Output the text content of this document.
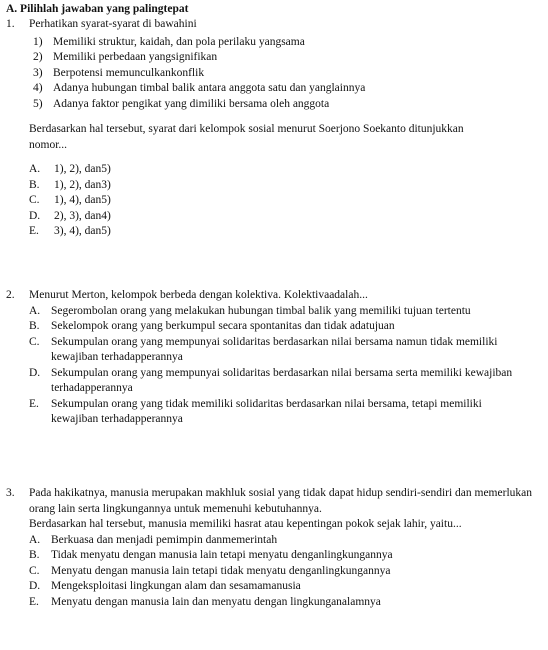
A. Pilihlah jawaban yang palingtepat
1. Perhatikan syarat-syarat di bawahini
1) Memiliki struktur, kaidah, dan pola perilaku yangsama
2) Memiliki perbedaan yangsignifikan
3) Berpotensi memunculkankonflik
4) Adanya hubungan timbal balik antara anggota satu dan yanglainnya
5) Adanya faktor pengikat yang dimiliki bersama oleh anggota
Berdasarkan hal tersebut, syarat dari kelompok sosial menurut Soerjono Soekanto ditunjukkan nomor...
A. 1), 2), dan5)
B. 1), 2), dan3)
C. 1), 4), dan5)
D. 2), 3), dan4)
E. 3), 4), dan5)
2. Menurut Merton, kelompok berbeda dengan kolektiva. Kolektivaadalah...
A. Segerombolan orang yang melakukan hubungan timbal balik yang memiliki tujuan tertentu
B. Sekelompok orang yang berkumpul secara spontanitas dan tidak adatujuan
C. Sekumpulan orang yang mempunyai solidaritas berdasarkan nilai bersama namun tidak memiliki kewajiban terhadapperannya
D. Sekumpulan orang yang mempunyai solidaritas berdasarkan nilai bersama serta memiliki kewajiban terhadapperannya
E. Sekumpulan orang yang tidak memiliki solidaritas berdasarkan nilai bersama, tetapi memiliki kewajiban terhadapperannya
3. Pada hakikatnya, manusia merupakan makhluk sosial yang tidak dapat hidup sendiri-sendiri dan memerlukan orang lain serta lingkungannya untuk memenuhi kebutuhannya.
Berdasarkan hal tersebut, manusia memiliki hasrat atau kepentingan pokok sejak lahir, yaitu...
A. Berkuasa dan menjadi pemimpin danmemerintah
B. Tidak menyatu dengan manusia lain tetapi menyatu denganlingkungannya
C. Menyatu dengan manusia lain tetapi tidak menyatu denganlingkungannya
D. Mengeksploitasi lingkungan alam dan sesamamanusia
E. Menyatu dengan manusia lain dan menyatu dengan lingkunganalamnya
